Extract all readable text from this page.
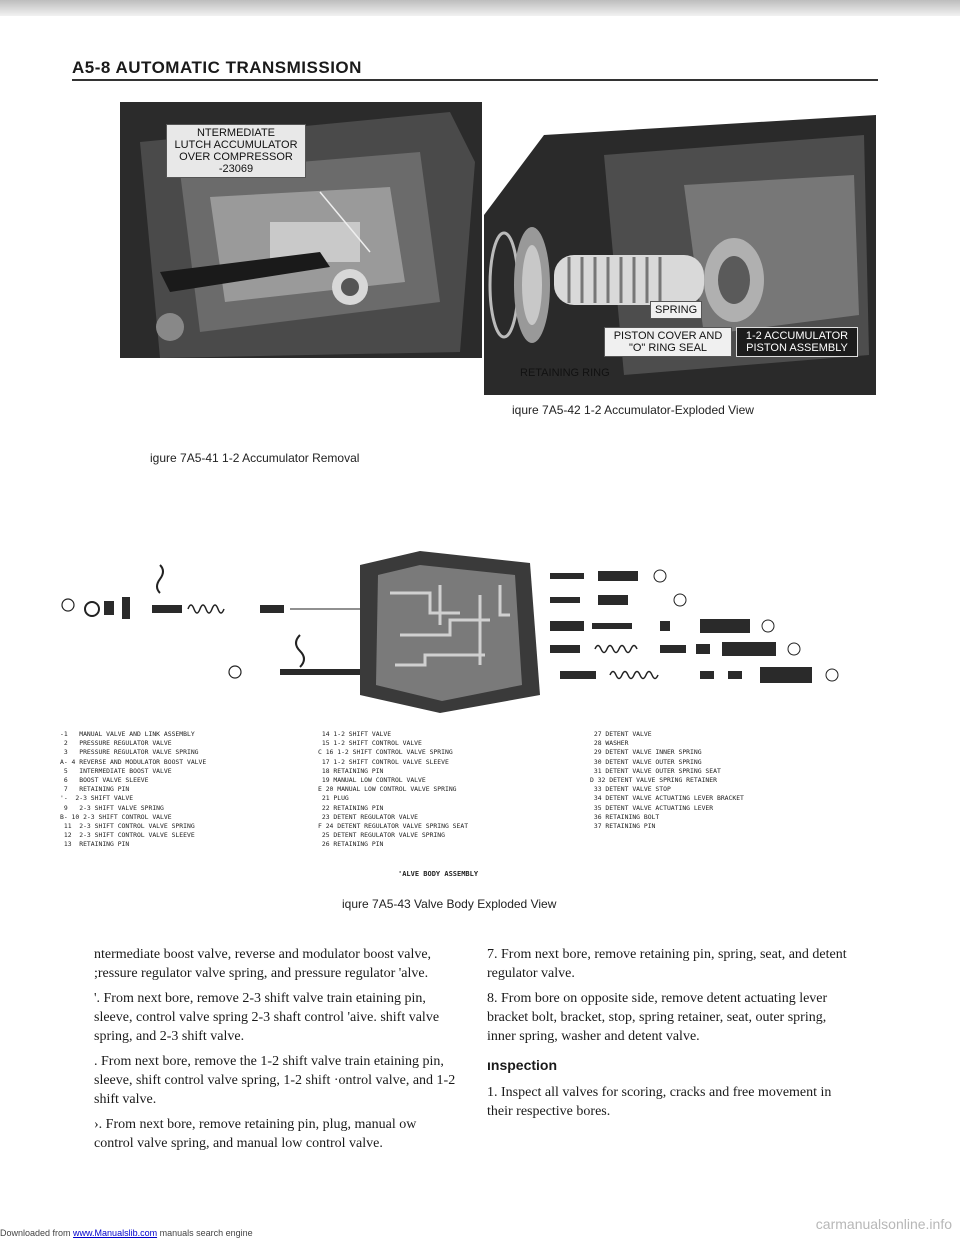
A5-8 AUTOMATIC TRANSMISSION
NTERMEDIATE
LUTCH ACCUMULATOR
OVER COMPRESSOR
-23069
igure 7A5-41 1-2 Accumulator Removal
SPRING
PISTON COVER AND
"O" RING SEAL
1-2 ACCUMULATOR
PISTON ASSEMBLY
RETAINING RING
iqure 7A5-42 1-2 Accumulator-Exploded View
-1   MANUAL VALVE AND LINK ASSEMBLY
2   PRESSURE REGULATOR VALVE
3   PRESSURE REGULATOR VALVE SPRING
A- 4 REVERSE AND MODULATOR BOOST VALVE
5   INTERMEDIATE BOOST VALVE
6   BOOST VALVE SLEEVE
7   RETAINING PIN
'-  2-3 SHIFT VALVE
9   2-3 SHIFT VALVE SPRING
B- 10 2-3 SHIFT CONTROL VALVE
11  2-3 SHIFT CONTROL VALVE SPRING
12  2-3 SHIFT CONTROL VALVE SLEEVE
13  RETAINING PIN
14 1-2 SHIFT VALVE
15 1-2 SHIFT CONTROL VALVE
C 16 1-2 SHIFT CONTROL VALVE SPRING
17 1-2 SHIFT CONTROL VALVE SLEEVE
18 RETAINING PIN
19 MANUAL LOW CONTROL VALVE
E 20 MANUAL LOW CONTROL VALVE SPRING
21 PLUG
22 RETAINING PIN
23 DETENT REGULATOR VALVE
F 24 DETENT REGULATOR VALVE SPRING SEAT
25 DETENT REGULATOR VALVE SPRING
26 RETAINING PIN
27 DETENT VALVE
28 WASHER
29 DETENT VALVE INNER SPRING
30 DETENT VALVE OUTER SPRING
31 DETENT VALVE OUTER SPRING SEAT
D 32 DETENT VALVE SPRING RETAINER
33 DETENT VALVE STOP
34 DETENT VALVE ACTUATING LEVER BRACKET
35 DETENT VALVE ACTUATING LEVER
36 RETAINING BOLT
37 RETAINING PIN
'ALVE BODY ASSEMBLY
iqure 7A5-43 Valve Body Exploded View

ntermediate boost valve, reverse and modulator boost valve, ;ressure regulator valve spring, and pressure regulator 'alve.

'. From next bore, remove 2-3 shift valve train etaining pin, sleeve, control valve spring 2-3 shaft control 'aive. shift valve spring, and 2-3 shift valve.

. From next bore, remove the 1-2 shift valve train etaining pin, sleeve, shift control valve spring, 1-2 shift ·ontrol valve, and 1-2 shift valve.

›. From next bore, remove retaining pin, plug, manual ow control valve spring, and manual low control valve.

7. From next bore, remove retaining pin, spring, seat, and detent regulator valve.

8. From bore on opposite side, remove detent actuating lever bracket bolt, bracket, stop, spring retainer, seat, outer spring, inner spring, washer and detent valve.

ınspection

1. Inspect all valves for scoring, cracks and free movement in their respective bores.

Downloaded from www.Manualslib.com manuals search engine
carmanualsonline.info
